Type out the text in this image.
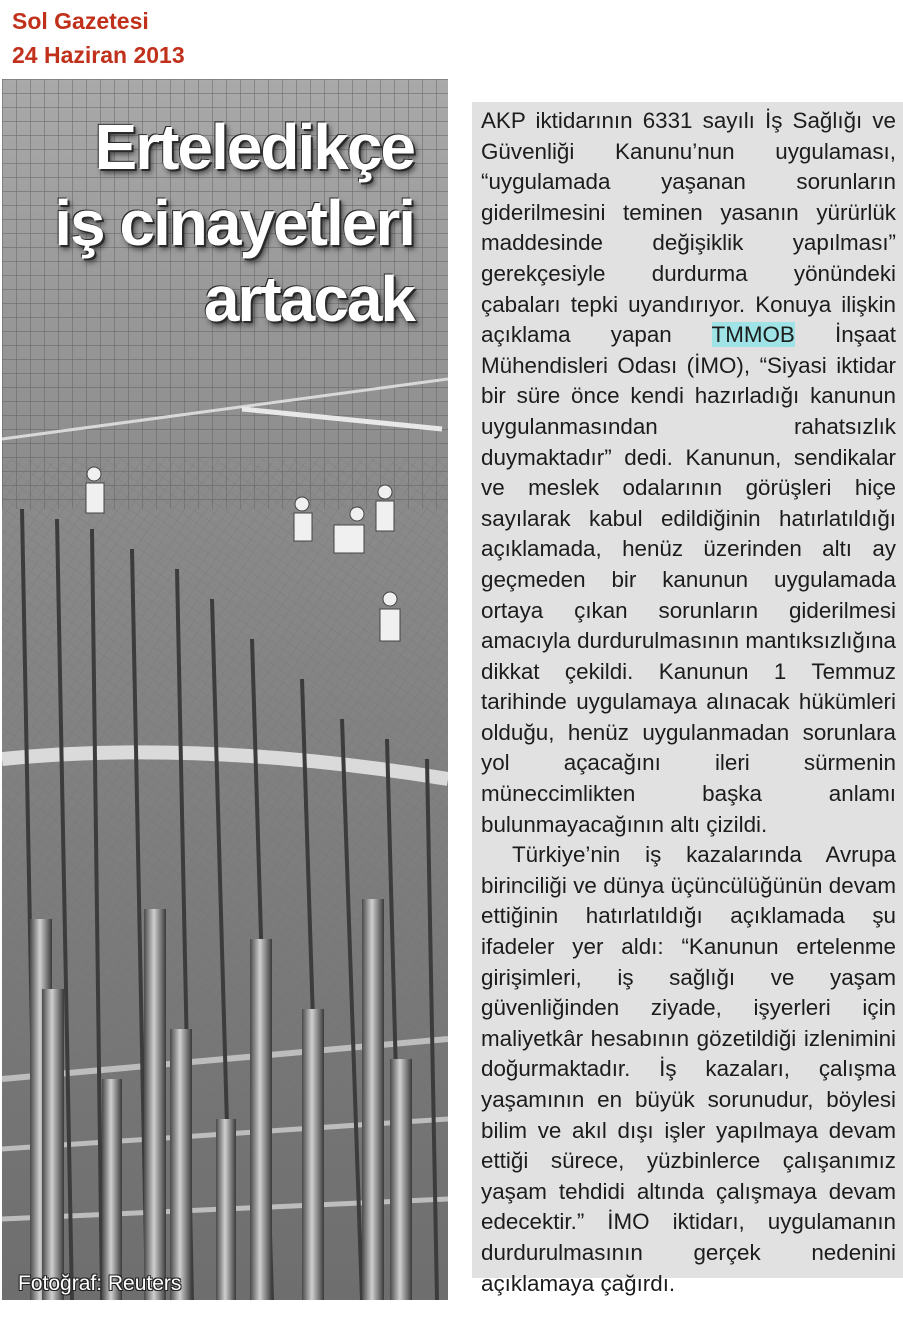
Sol Gazetesi
24 Haziran 2013
Erteledikçe
iş cinayetleri
artacak
Fotoğraf: Reuters

AKP iktidarının 6331 sayılı İş Sağlığı ve Güvenliği Kanunu’nun uygulaması, “uygulamada yaşanan sorunların giderilmesini teminen yasanın yürürlük maddesinde değişiklik yapılması” gerekçesiyle durdurma yönündeki çabaları tepki uyandırıyor. Konuya ilişkin açıklama yapan TMMOB İnşaat Mühendisleri Odası (İMO), “Siyasi iktidar bir süre önce kendi hazırladığı kanunun uygulanmasından rahatsızlık duymaktadır” dedi. Kanunun, sendikalar ve meslek odalarının görüşleri hiçe sayılarak kabul edildiğinin hatırlatıldığı açıklamada, henüz üzerinden altı ay geçmeden bir kanunun uygulamada ortaya çıkan sorunların giderilmesi amacıyla durdurulmasının mantıksızlığına dikkat çekildi. Kanunun 1 Temmuz tarihinde uygulamaya alınacak hükümleri olduğu, henüz uygulanmadan sorunlara yol açacağını ileri sürmenin müneccimlikten başka anlamı bulunmayacağının altı çizildi.

Türkiye’nin iş kazalarında Avrupa birinciliği ve dünya üçüncülüğünün devam ettiğinin hatırlatıldığı açıklamada şu ifadeler yer aldı: “Kanunun ertelenme girişimleri, iş sağlığı ve yaşam güvenliğinden ziyade, işyerleri için maliyetkâr hesabının gözetildiği izlenimini doğurmaktadır. İş kazaları, çalışma yaşamının en büyük sorunudur, böylesi bilim ve akıl dışı işler yapılmaya devam ettiği sürece, yüzbinlerce çalışanımız yaşam tehdidi altında çalışmaya devam edecektir.” İMO iktidarı, uygulamanın durdurulmasının gerçek nedenini açıklamaya çağırdı.
